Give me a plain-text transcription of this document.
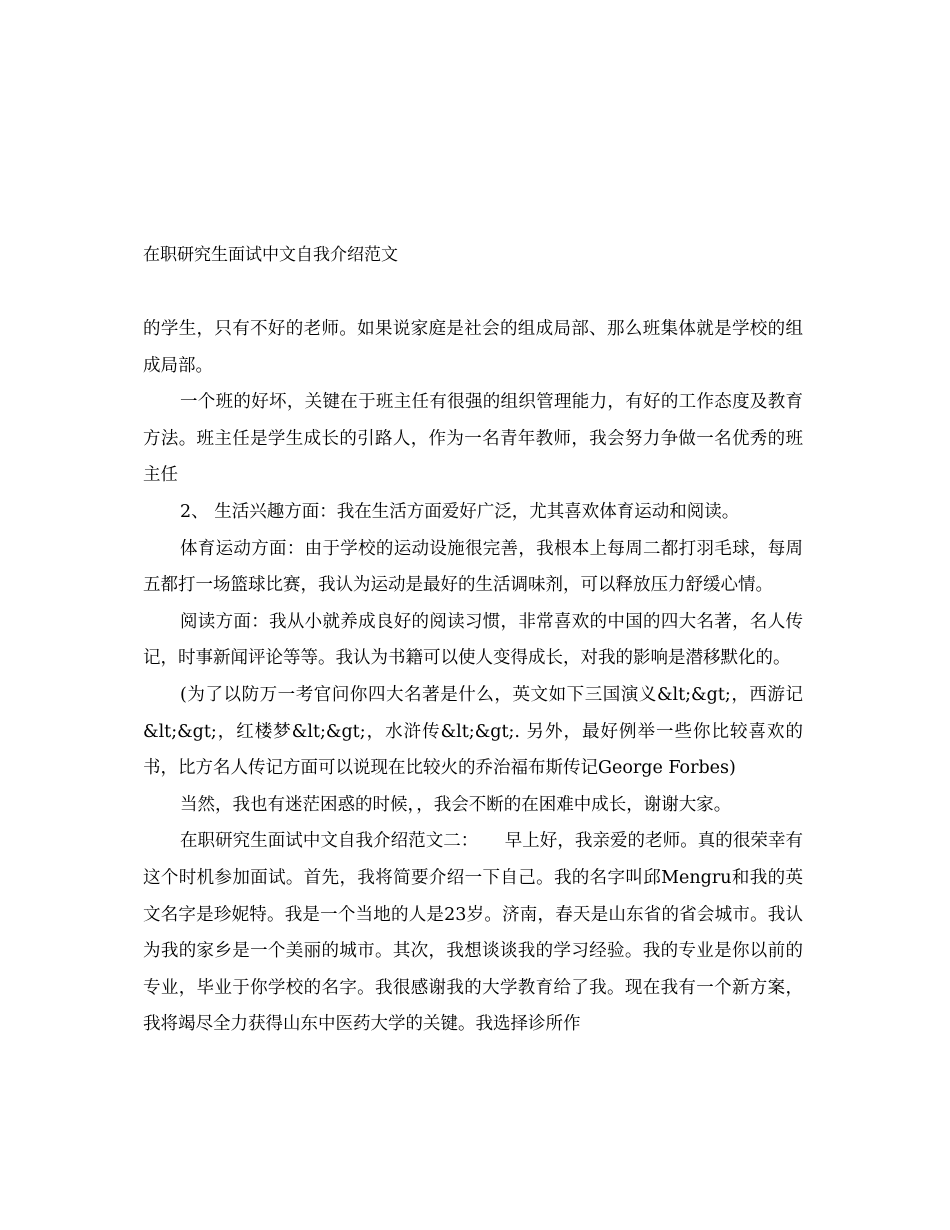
在职研究生面试中文自我介绍范文

的学生，只有不好的老师。如果说家庭是社会的组成局部、那么班集体就是学校的组成局部。

一个班的好坏，关键在于班主任有很强的组织管理能力，有好的工作态度及教育方法。班主任是学生成长的引路人，作为一名青年教师，我会努力争做一名优秀的班主任

2、 生活兴趣方面：我在生活方面爱好广泛，尤其喜欢体育运动和阅读。

体育运动方面：由于学校的运动设施很完善，我根本上每周二都打羽毛球，每周五都打一场篮球比赛，我认为运动是最好的生活调味剂，可以释放压力舒缓心情。

阅读方面：我从小就养成良好的阅读习惯，非常喜欢的中国的四大名著，名人传记，时事新闻评论等等。我认为书籍可以使人变得成长，对我的影响是潜移默化的。

(为了以防万一考官问你四大名著是什么，英文如下三国演义&lt;&gt;，西游记&lt;&gt;，红楼梦&lt;&gt;，水浒传&lt;&gt;. 另外，最好例举一些你比较喜欢的书，比方名人传记方面可以说现在比较火的乔治福布斯传记George Forbes)

当然，我也有迷茫困惑的时候，，我会不断的在困难中成长，谢谢大家。

在职研究生面试中文自我介绍范文二：　　早上好，我亲爱的老师。真的很荣幸有这个时机参加面试。首先，我将简要介绍一下自己。我的名字叫邱Mengru和我的英文名字是珍妮特。我是一个当地的人是23岁。济南，春天是山东省的省会城市。我认为我的家乡是一个美丽的城市。其次，我想谈谈我的学习经验。我的专业是你以前的专业，毕业于你学校的名字。我很感谢我的大学教育给了我。现在我有一个新方案，我将竭尽全力获得山东中医药大学的关键。我选择诊所作
